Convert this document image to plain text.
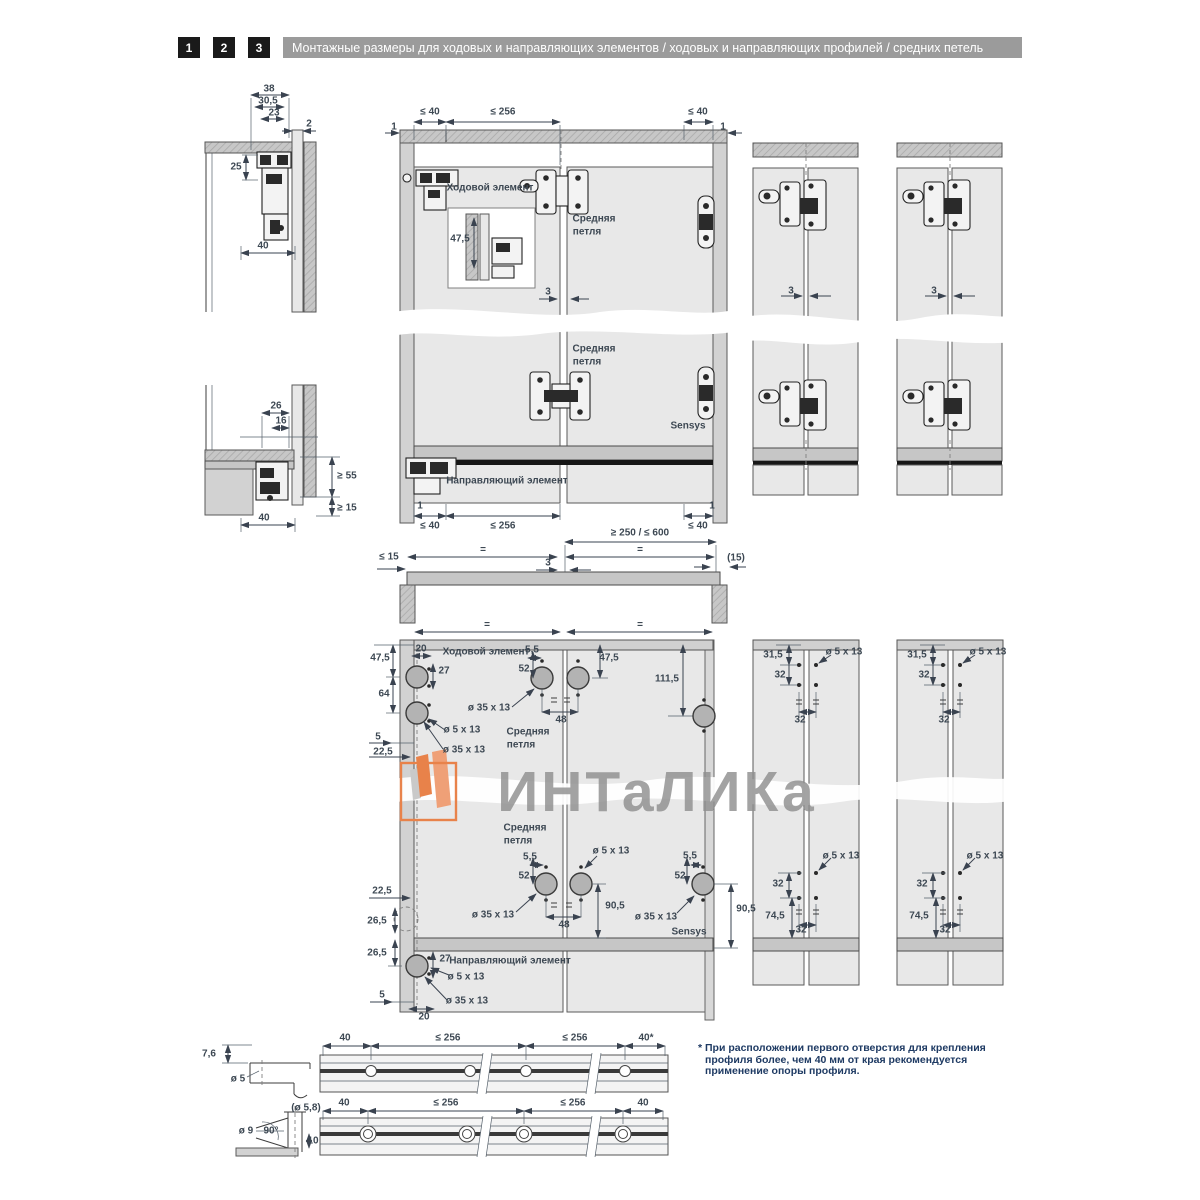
1	2	3	Монтажные размеры для ходовых и направляющих элементов / ходовых и направляющих профилей / средних петель
38
30,5
23
2
25
40
26
16
≥ 55
≥ 15
40
1
≤ 40	≤ 256	≤ 40
1
Ходовой элемент
Средняя
петля
47,5
3
Средняя
петля
Sensys
Направляющий элемент
1
≤ 40	≤ 256
1
≤ 40
3	3
≥ 250 / ≤ 600
=	=
≤ 15
3	(15)
=	=
20 Ходовой элемент
5,5
47,5
27	52
47,5
111,5
64
ø 5 x 13
ø 35 x 13
ø 35 x 13
48
Средняя
петля
5
22,5
Средняя
петля
5,5
ø 5 x 13	5,5
52	52
ø 35 x 13
48
90,5
ø 35 x 13
Sensys
90,5
22,5
26,5
26,5
27
Направляющий элемент
ø 5 x 13
ø 35 x 13
5
20
31,5
32
32
ø 5 x 13
32
74,5
32
ø 5 x 13
31,5
32
32
ø 5 x 13
32
74,5
32
ø 5 x 13
7,6
ø 5
40	≤ 256	≤ 256	40*
(ø 5,8)
ø 9 90°
10
40	≤ 256	≤ 256	40
* При расположении первого отверстия для крепления
профиля более, чем 40 мм от края рекомендуется
применение опоры профиля.
ИНТаЛИКа
